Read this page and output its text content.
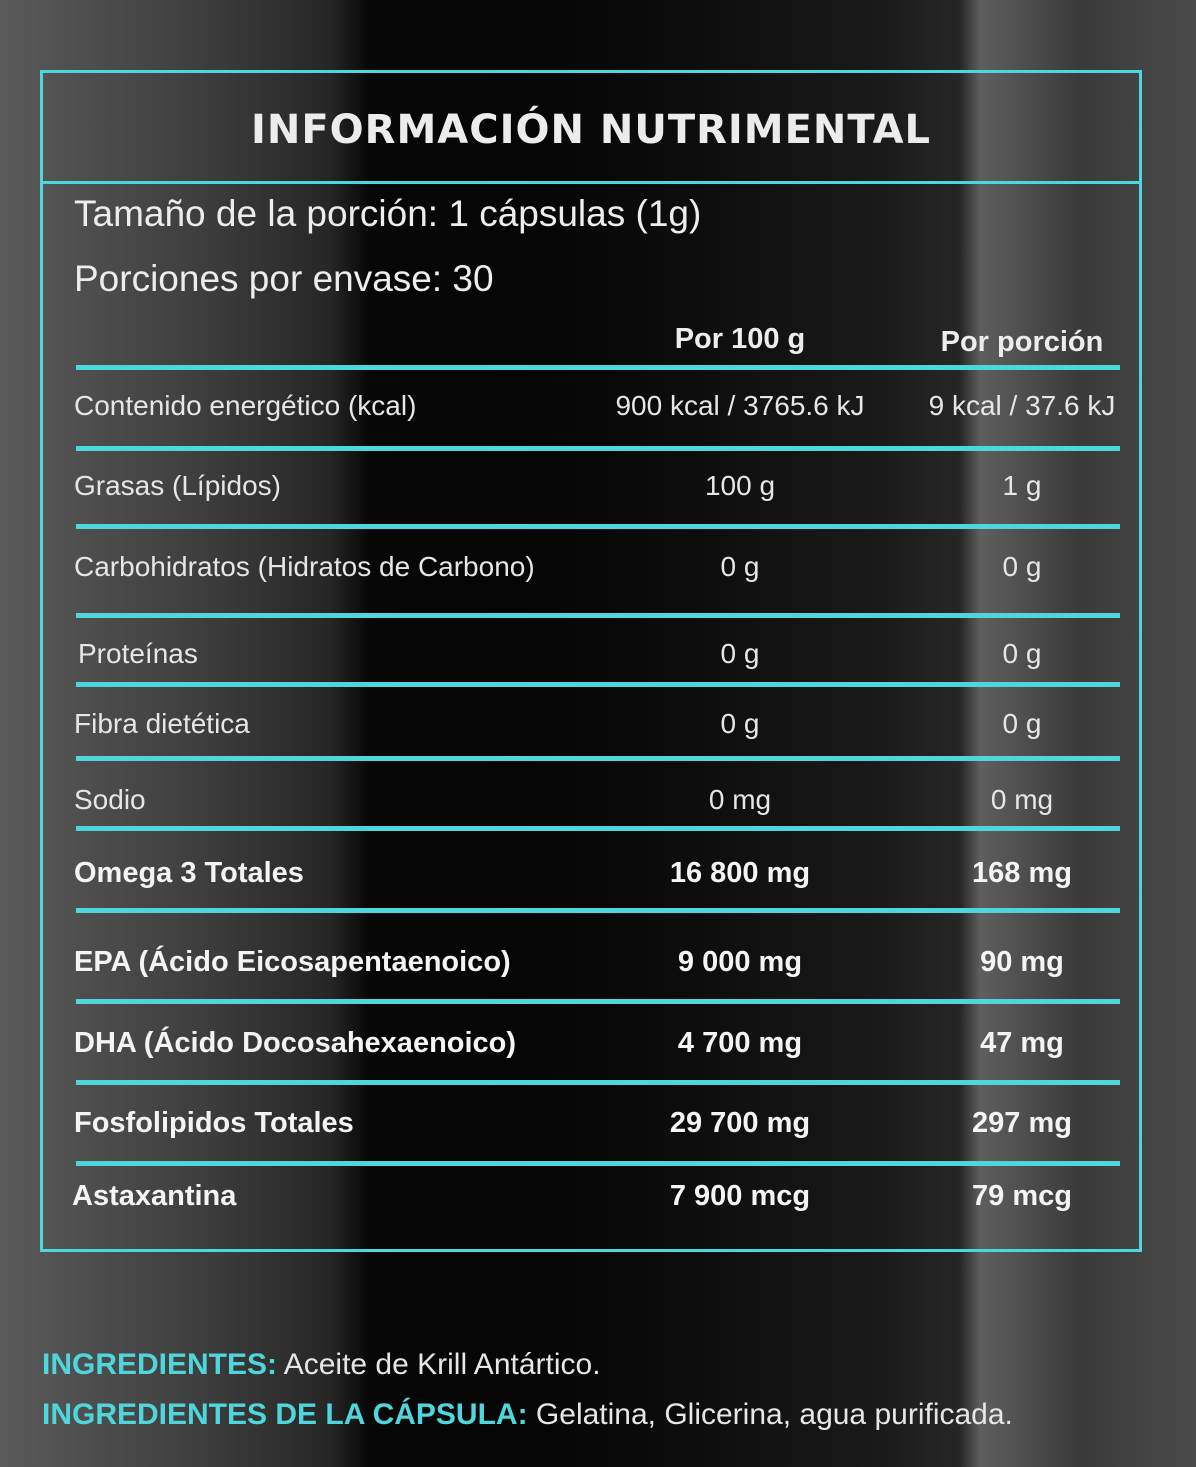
INFORMACIÓN NUTRIMENTAL
Tamaño de la porción: 1 cápsulas (1g)
Porciones por envase: 30
Por 100 g	Por porción
Contenido energético (kcal)	900 kcal / 3765.6 kJ	9 kcal / 37.6 kJ
Grasas (Lípidos)	100 g	1 g
Carbohidratos (Hidratos de Carbono)	0 g	0 g
Proteínas	0 g	0 g
Fibra dietética	0 g	0 g
Sodio	0 mg	0 mg
Omega 3 Totales	16 800 mg	168 mg
EPA (Ácido Eicosapentaenoico)	9 000 mg	90 mg
DHA (Ácido Docosahexaenoico)	4 700 mg	47 mg
Fosfolipidos Totales	29 700 mg	297 mg
Astaxantina	7 900 mcg	79 mcg
INGREDIENTES: Aceite de Krill Antártico.
INGREDIENTES DE LA CÁPSULA: Gelatina, Glicerina, agua purificada.
